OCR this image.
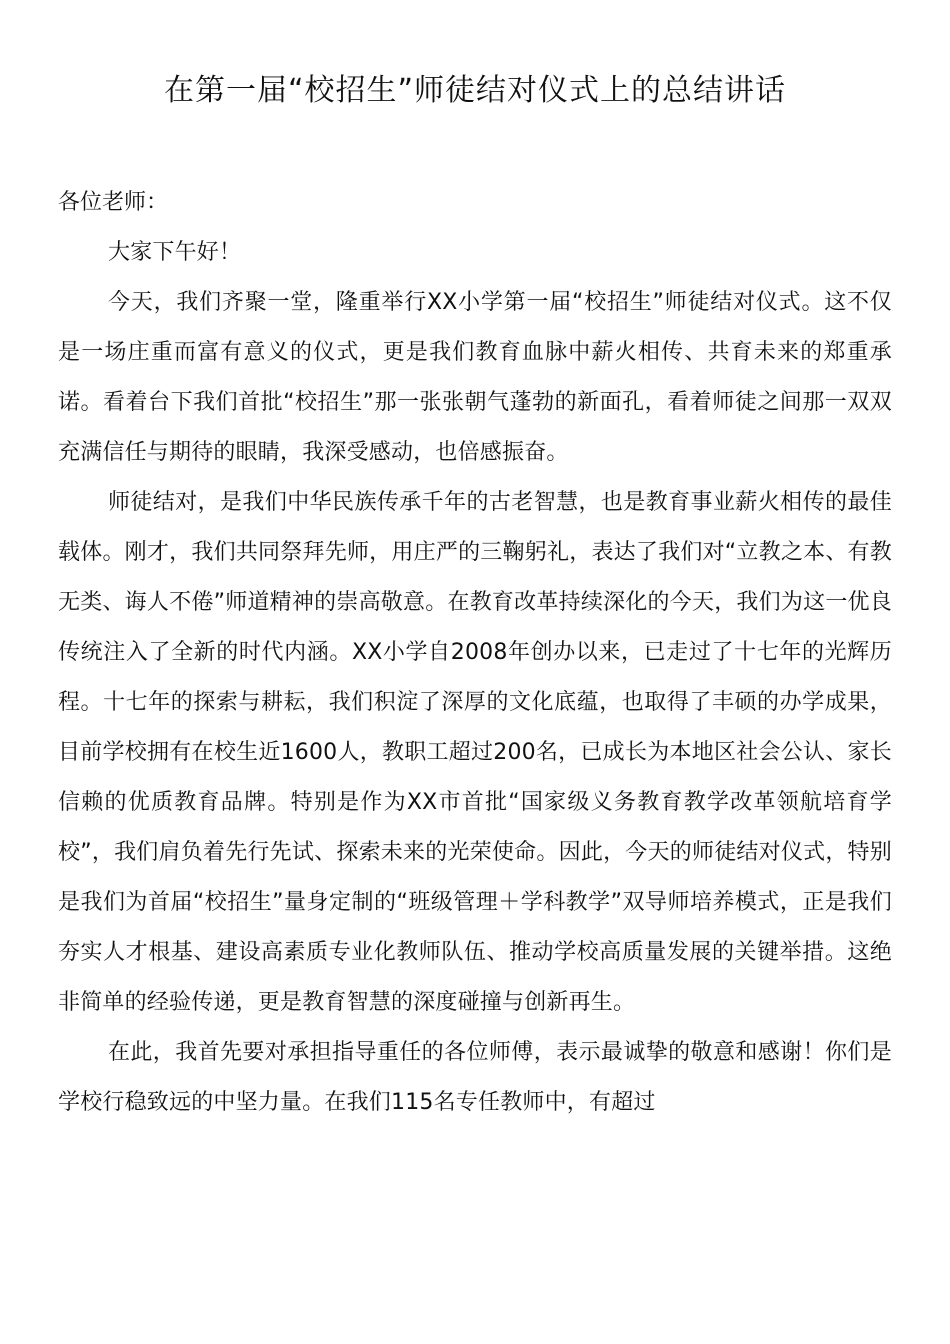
在第一届“校招生”师徒结对仪式上的总结讲话

各位老师：

大家下午好！

今天，我们齐聚一堂，隆重举行XX小学第一届“校招生”师徒结对仪式。这不仅是一场庄重而富有意义的仪式，更是我们教育血脉中薪火相传、共育未来的郑重承诺。看着台下我们首批“校招生”那一张张朝气蓬勃的新面孔，看着师徒之间那一双双充满信任与期待的眼睛，我深受感动，也倍感振奋。

师徒结对，是我们中华民族传承千年的古老智慧，也是教育事业薪火相传的最佳载体。刚才，我们共同祭拜先师，用庄严的三鞠躬礼，表达了我们对“立教之本、有教无类、诲人不倦”师道精神的崇高敬意。在教育改革持续深化的今天，我们为这一优良传统注入了全新的时代内涵。XX小学自2008年创办以来，已走过了十七年的光辉历程。十七年的探索与耕耘，我们积淀了深厚的文化底蕴，也取得了丰硕的办学成果，目前学校拥有在校生近1600人，教职工超过200名，已成长为本地区社会公认、家长信赖的优质教育品牌。特别是作为XX市首批“国家级义务教育教学改革领航培育学校”，我们肩负着先行先试、探索未来的光荣使命。因此，今天的师徒结对仪式，特别是我们为首届“校招生”量身定制的“班级管理＋学科教学”双导师培养模式，正是我们夯实人才根基、建设高素质专业化教师队伍、推动学校高质量发展的关键举措。这绝非简单的经验传递，更是教育智慧的深度碰撞与创新再生。

在此，我首先要对承担指导重任的各位师傅，表示最诚挚的敬意和感谢！你们是学校行稳致远的中坚力量。在我们115名专任教师中，有超过
